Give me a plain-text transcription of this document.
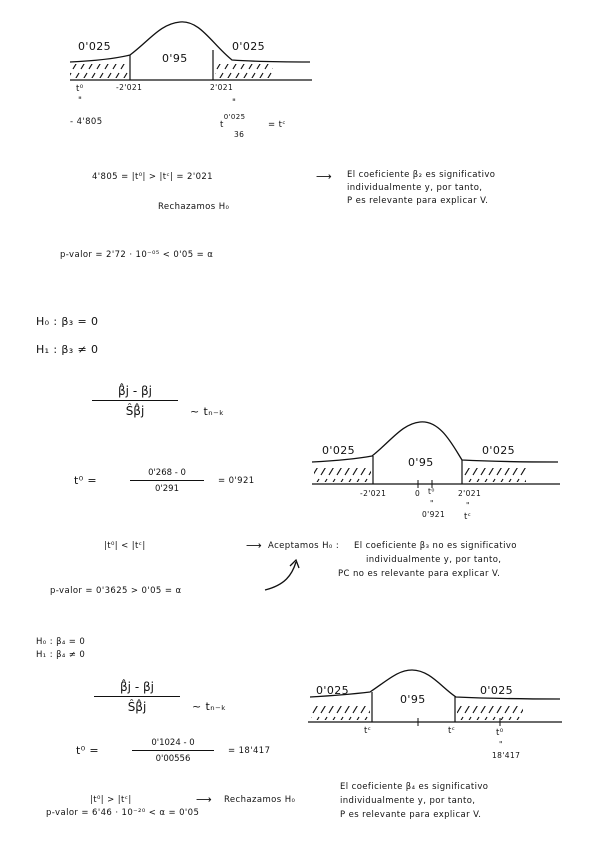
0'025
0'95
0'025
-2'021	2'021
t⁰
"
- 4'805
"
$t^{0'025}$
36
= tᶜ
4'805 = |t⁰| > |tᶜ| = 2'021	⟶ El coeficiente β₂ es significativo
individualmente y, por tanto,
P es relevante para explicar V.
Rechazamos H₀
p-valor = 2'72 · 10⁻⁰⁵ < 0'05 = α
H₀ : β₃ = 0
H₁ : β₃ ≠ 0
$\frac{\betâj - \beta j}{Ŝ\betâj}$ ~ tₙ₋ₖ
t⁰ =	$\frac{0'268 - 0}{0'291} = 0'921$
0'025
0'95
0'025
-2'021	0 t⁰	2'021
"
0'921
"
tᶜ
|t⁰| < |tᶜ|	⟶ Aceptamos H₀ : El coeficiente β₃ no es significativo
individualmente y, por tanto,
PC no es relevante para explicar V.
p-valor = 0'3625 > 0'05 = α
H₀ : β₄ = 0
H₁ : β₄ ≠ 0
$\frac{\betâj - \beta j}{Ŝ\betâj}$ ~ tₙ₋ₖ
t⁰ =	$\frac{0'1024 - 0}{0'00556} = 18'417$
0'025
0'95
0'025
tᶜ	tᶜ	t⁰
"
18'417
|t⁰| > |tᶜ|	⟶ Rechazamos H₀
p-valor = 6'46 · 10⁻²⁰ < α = 0'05
El coeficiente β₄ es significativo
individualmente y, por tanto,
P es relevante para explicar V.
